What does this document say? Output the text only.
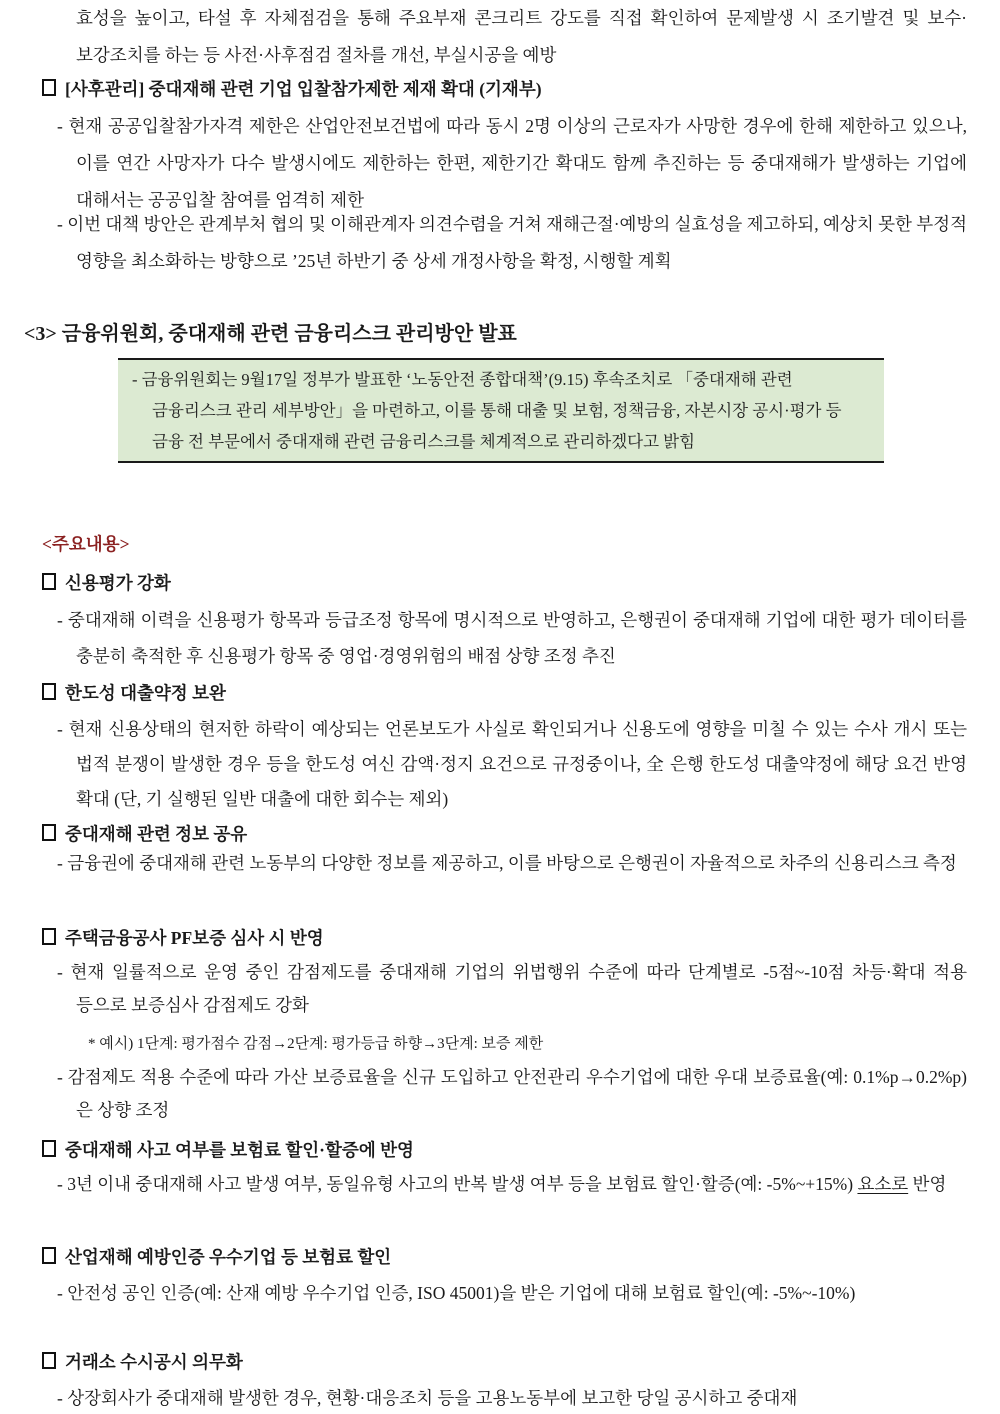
효성을 높이고, 타설 후 자체점검을 통해 주요부재 콘크리트 강도를 직접 확인하여 문제발생 시 조기발견 및 보수·보강조치를 하는 등 사전·사후점검 절차를 개선, 부실시공을 예방
[사후관리] 중대재해 관련 기업 입찰참가제한 제재 확대 (기재부)
- 현재 공공입찰참가자격 제한은 산업안전보건법에 따라 동시 2명 이상의 근로자가 사망한 경우에 한해 제한하고 있으나, 이를 연간 사망자가 다수 발생시에도 제한하는 한편, 제한기간 확대도 함께 추진하는 등 중대재해가 발생하는 기업에 대해서는 공공입찰 참여를 엄격히 제한
- 이번 대책 방안은 관계부처 협의 및 이해관계자 의견수렴을 거쳐 재해근절·예방의 실효성을 제고하되, 예상치 못한 부정적 영향을 최소화하는 방향으로 ’25년 하반기 중 상세 개정사항을 확정, 시행할 계획
<3> 금융위원회, 중대재해 관련 금융리스크 관리방안 발표
- 금융위원회는 9월17일 정부가 발표한 ‘노동안전 종합대책’(9.15) 후속조치로 「중대재해 관련 금융리스크 관리 세부방안」을 마련하고, 이를 통해 대출 및 보험, 정책금융, 자본시장 공시·평가 등 금융 전 부문에서 중대재해 관련 금융리스크를 체계적으로 관리하겠다고 밝힘
<주요내용>
신용평가 강화
- 중대재해 이력을 신용평가 항목과 등급조정 항목에 명시적으로 반영하고, 은행권이 중대재해 기업에 대한 평가 데이터를 충분히 축적한 후 신용평가 항목 중 영업·경영위험의 배점 상향 조정 추진
한도성 대출약정 보완
- 현재 신용상태의 현저한 하락이 예상되는 언론보도가 사실로 확인되거나 신용도에 영향을 미칠 수 있는 수사 개시 또는 법적 분쟁이 발생한 경우 등을 한도성 여신 감액·정지 요건으로 규정중이나, 全 은행 한도성 대출약정에 해당 요건 반영 확대 (단, 기 실행된 일반 대출에 대한 회수는 제외)
중대재해 관련 정보 공유
- 금융권에 중대재해 관련 노동부의 다양한 정보를 제공하고, 이를 바탕으로 은행권이 자율적으로 차주의 신용리스크 측정
주택금융공사 PF보증 심사 시 반영
- 현재 일률적으로 운영 중인 감점제도를 중대재해 기업의 위법행위 수준에 따라 단계별로 -5점~-10점 차등·확대 적용 등으로 보증심사 감점제도 강화
* 예시) 1단계: 평가점수 감점→2단계: 평가등급 하향→3단계: 보증 제한
- 감점제도 적용 수준에 따라 가산 보증료율을 신규 도입하고 안전관리 우수기업에 대한 우대 보증료율(예: 0.1%p→0.2%p)은 상향 조정
중대재해 사고 여부를 보험료 할인·할증에 반영
- 3년 이내 중대재해 사고 발생 여부, 동일유형 사고의 반복 발생 여부 등을 보험료 할인·할증(예: -5%~+15%) 요소로 반영
산업재해 예방인증 우수기업 등 보험료 할인
- 안전성 공인 인증(예: 산재 예방 우수기업 인증, ISO 45001)을 받은 기업에 대해 보험료 할인(예: -5%~-10%)
거래소 수시공시 의무화
- 상장회사가 중대재해 발생한 경우, 현황·대응조치 등을 고용노동부에 보고한 당일 공시하고 중대재
